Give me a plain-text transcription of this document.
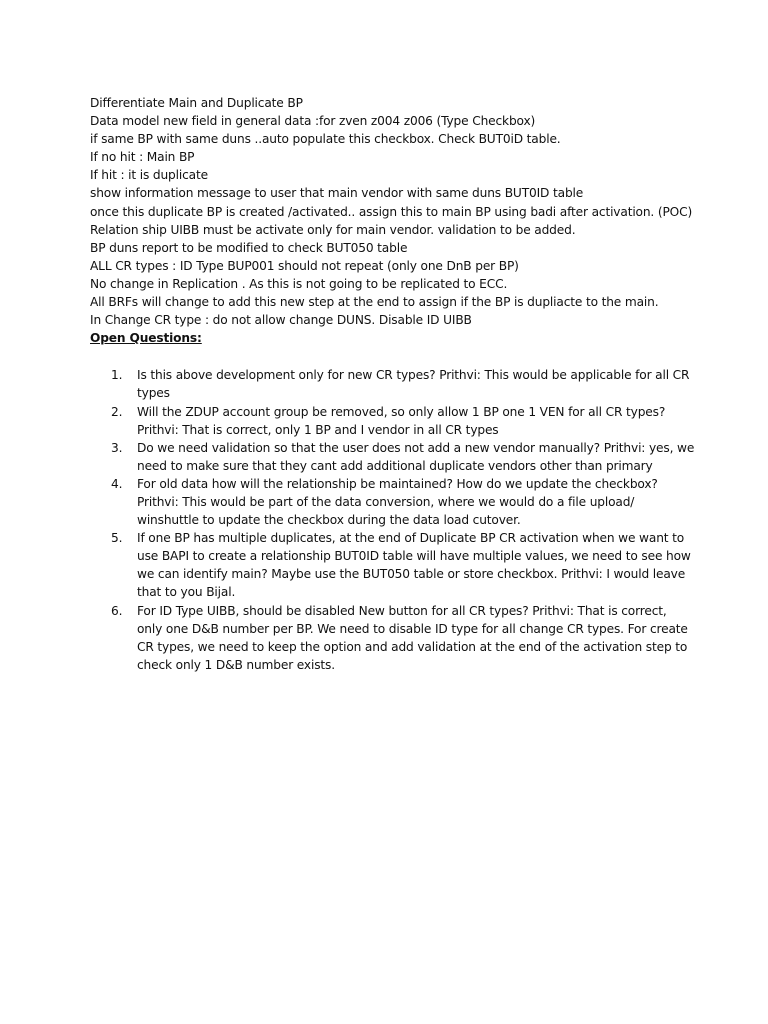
Differentiate Main and Duplicate BP
Data model new field in general data :for zven z004 z006 (Type Checkbox)
if same BP with same duns ..auto populate this checkbox. Check BUT0iD table.
If no hit : Main BP
If hit : it is duplicate
show information message to user that main vendor with same duns BUT0ID table
once this duplicate BP is created /activated.. assign this to main BP using badi after activation. (POC)
Relation ship UIBB must be activate only for main vendor. validation to be added.
BP duns report to be modified to check BUT050 table
ALL CR types : ID Type BUP001 should not repeat (only one DnB per BP)
No change in Replication . As this is not going to be replicated to ECC.
All BRFs will change to add this new step at the end to assign if the BP is dupliacte to the main.
In Change CR type : do not allow change DUNS. Disable ID UIBB
Open Questions:
1. Is this above development only for new CR types? Prithvi: This would be applicable for all CR
types
2. Will the ZDUP account group be removed, so only allow 1 BP one 1 VEN for all CR types?
Prithvi: That is correct, only 1 BP and I vendor in all CR types
3. Do we need validation so that the user does not add a new vendor manually? Prithvi: yes, we
need to make sure that they cant add additional duplicate vendors other than primary
4. For old data how will the relationship be maintained? How do we update the checkbox?
Prithvi: This would be part of the data conversion, where we would do a file upload/
winshuttle to update the checkbox during the data load cutover.
5. If one BP has multiple duplicates, at the end of Duplicate BP CR activation when we want to
use BAPI to create a relationship BUT0ID table will have multiple values, we need to see how
we can identify main? Maybe use the BUT050 table or store checkbox. Prithvi: I would leave
that to you Bijal.
6. For ID Type UIBB, should be disabled New button for all CR types? Prithvi: That is correct,
only one D&B number per BP. We need to disable ID type for all change CR types. For create
CR types, we need to keep the option and add validation at the end of the activation step to
check only 1 D&B number exists.
